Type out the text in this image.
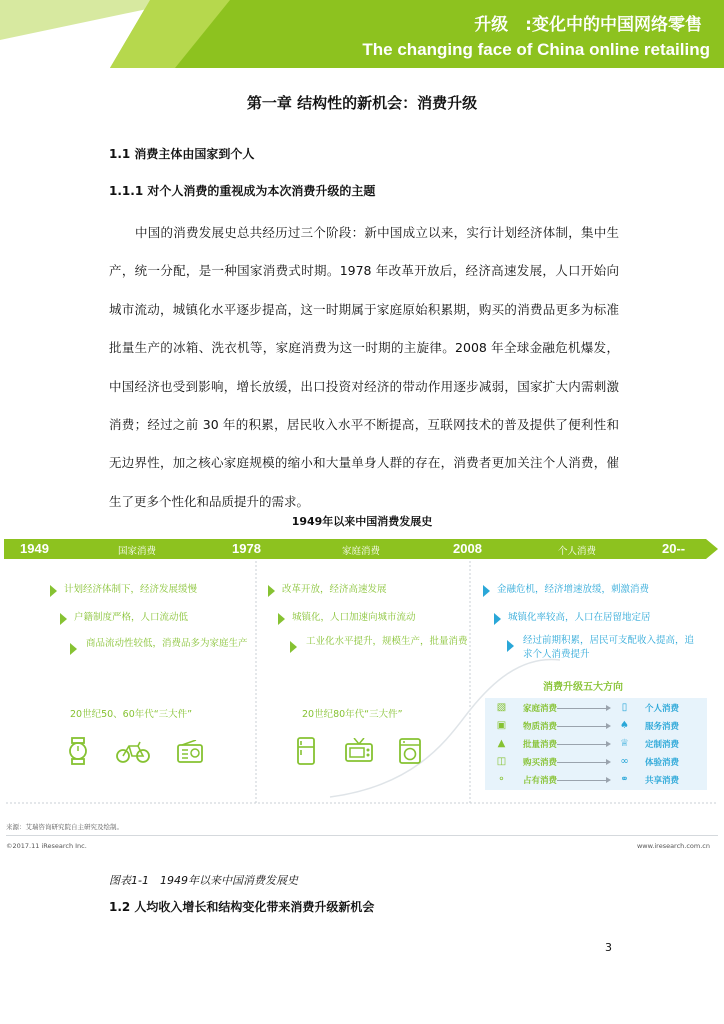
升级　:变化中的中国网络零售
The changing face of China online retailing
第一章 结构性的新机会：消费升级
1.1 消费主体由国家到个人
1.1.1 对个人消费的重视成为本次消费升级的主题
中国的消费发展史总共经历过三个阶段：新中国成立以来，实行计划经济体制，集中生产，统一分配，是一种国家消费式时期。1978 年改革开放后，经济高速发展，人口开始向城市流动，城镇化水平逐步提高，这一时期属于家庭原始积累期，购买的消费品更多为标准批量生产的冰箱、洗衣机等，家庭消费为这一时期的主旋律。2008 年全球金融危机爆发，中国经济也受到影响，增长放缓，出口投资对经济的带动作用逐步减弱，国家扩大内需刺激消费；经过之前 30 年的积累，居民收入水平不断提高，互联网技术的普及提供了便利性和无边界性，加之核心家庭规模的缩小和大量单身人群的存在，消费者更加关注个人消费，催生了更多个性化和品质提升的需求。
1949年以来中国消费发展史
1949	国家消费	1978	家庭消费	2008	个人消费	20--
计划经济体制下，经济发展缓慢
户籍制度严格，人口流动低
商品流动性较低，消费品多为家庭生产
20世纪50、60年代“三大件”
改革开放，经济高速发展
城镇化，人口加速向城市流动
工业化水平提升，规模生产，批量消费
20世纪80年代“三大件”
金融危机，经济增速放缓，刺激消费
城镇化率较高，人口在居留地定居
经过前期积累，居民可支配收入提高，追求个人消费提升
消费升级五大方向
▧ 家庭消费	▯	个人消费
▣ 物质消费	♠ 服务消费
▲	批量消费	♕ 定制消费
◫ 购买消费	∞ 体验消费
⚬ 占有消费	⚭ 共享消费
来源：艾瑞咨询研究院自主研究及绘制。
©2017.11 iResearch Inc.	www.iresearch.com.cn
图表1-1　1949年以来中国消费发展史
1.2 人均收入增长和结构变化带来消费升级新机会
3
